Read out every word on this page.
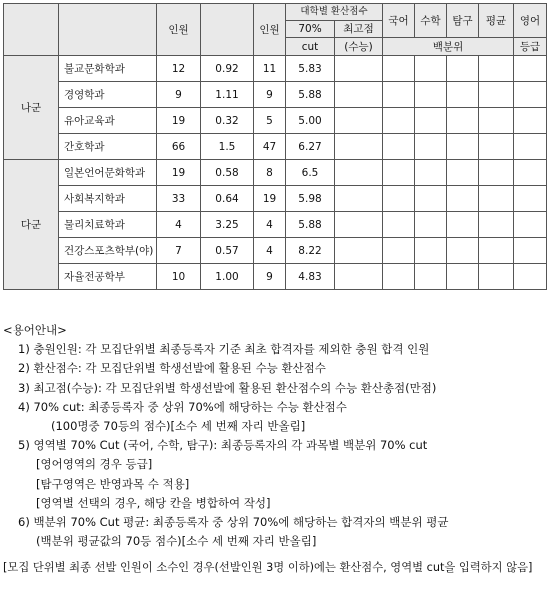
		인원		인원	대학별 환산점수		국어	수학	탐구	평균	영어
					70%	최고점					
					cut	(수능)	백분위				등급
나군	불교문화학과	12	0.92	11	5.83						
	경영학과	9	1.11	9	5.88						
	유아교육과	19	0.32	5	5.00						
	간호학과	66	1.5	47	6.27						
다군	일본언어문화학과	19	0.58	8	6.5						
	사회복지학과	33	0.64	19	5.98						
	물리치료학과	4	3.25	4	5.88						
	건강스포츠학부(야)	7	0.57	4	8.22						
	자율전공학부	10	1.00	9	4.83						
<용어안내>
1) 충원인원: 각 모집단위별 최종등록자 기준 최초 합격자를 제외한 충원 합격 인원
2) 환산점수: 각 모집단위별 학생선발에 활용된 수능 환산점수
3) 최고점(수능): 각 모집단위별 학생선발에 활용된 환산점수의 수능 환산총점(만점)
4) 70% cut: 최종등록자 중 상위 70%에 해당하는 수능 환산점수
(100명중 70등의 점수)[소수 세 번째 자리 반올림]
5) 영역별 70% Cut (국어, 수학, 탐구): 최종등록자의 각 과목별 백분위 70% cut
[영어영역의 경우 등급]
[탐구영역은 반영과목 수 적용]
[영역별 선택의 경우, 해당 칸을 병합하여 작성]
6) 백분위 70% Cut 평균: 최종등록자 중 상위 70%에 해당하는 합격자의 백분위 평균
(백분위 평균값의 70등 점수)[소수 세 번째 자리 반올림]
[모집 단위별 최종 선발 인원이 소수인 경우(선발인원 3명 이하)에는 환산점수, 영역별 cut을 입력하지 않음]
